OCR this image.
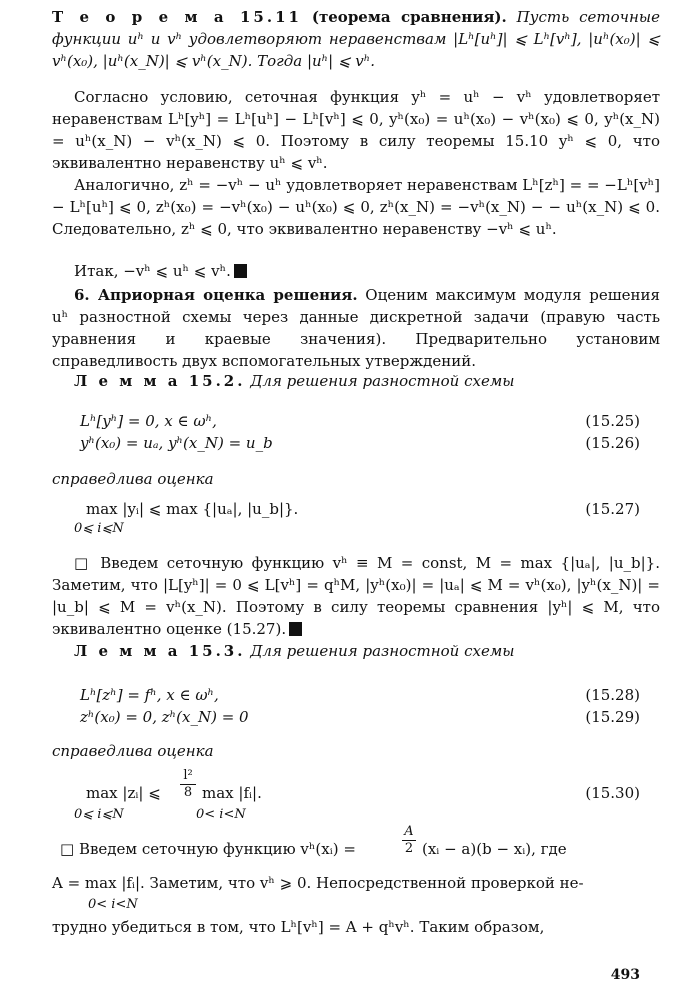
Т е о р е м а 15.11 (теорема сравнения). Пусть сеточные функции uʰ и vʰ удовлетворяют неравенствам |Lʰ[uʰ]| ⩽ Lʰ[vʰ], |uʰ(x₀)| ⩽ vʰ(x₀), |uʰ(x_N)| ⩽ vʰ(x_N). Тогда |uʰ| ⩽ vʰ.
Согласно условию, сеточная функция yʰ = uʰ − vʰ удовлетворяет неравенствам Lʰ[yʰ] = Lʰ[uʰ] − Lʰ[vʰ] ⩽ 0, yʰ(x₀) = uʰ(x₀) − vʰ(x₀) ⩽ 0, yʰ(x_N) = uʰ(x_N) − vʰ(x_N) ⩽ 0. Поэтому в силу теоремы 15.10 yʰ ⩽ 0, что эквивалентно неравенству uʰ ⩽ vʰ.
Аналогично, zʰ = −vʰ − uʰ удовлетворяет неравенствам Lʰ[zʰ] = = −Lʰ[vʰ] − Lʰ[uʰ] ⩽ 0, zʰ(x₀) = −vʰ(x₀) − uʰ(x₀) ⩽ 0, zʰ(x_N) = −vʰ(x_N) − − uʰ(x_N) ⩽ 0. Следовательно, zʰ ⩽ 0, что эквивалентно неравенству −vʰ ⩽ uʰ.
Итак, −vʰ ⩽ uʰ ⩽ vʰ.
6. Априорная оценка решения. Оценим максимум модуля решения uʰ разностной схемы через данные дискретной задачи (правую часть уравнения и краевые значения). Предварительно установим справедливость двух вспомогательных утверждений.
Л е м м а 15.2. Для решения разностной схемы
Lʰ[yʰ] = 0, x ∈ ωʰ,	(15.25)
yʰ(x₀) = uₐ, yʰ(x_N) = u_b	(15.26)
справедлива оценка
max |yᵢ| ⩽ max {|uₐ|, |u_b|}.
0⩽ i⩽N
(15.27)
□ Введем сеточную функцию vʰ ≡ M = const, M = max {|uₐ|, |u_b|}. Заметим, что |L[yʰ]| = 0 ⩽ L[vʰ] = qʰM, |yʰ(x₀)| = |uₐ| ⩽ M = vʰ(x₀), |yʰ(x_N)| = |u_b| ⩽ M = vʰ(x_N). Поэтому в силу теоремы сравнения |yʰ| ⩽ M, что эквивалентно оценке (15.27).
Л е м м а 15.3. Для решения разностной схемы
Lʰ[zʰ] = fʰ, x ∈ ωʰ,	(15.28)
zʰ(x₀) = 0, zʰ(x_N) = 0	(15.29)
справедлива оценка
max |zᵢ| ⩽ $\frac{\text{l²}}{8}$ max |fᵢ|.
0⩽ i⩽N	0< i<N
(15.30)
□ Введем сеточную функцию vʰ(xᵢ) =	$\frac{A}{2}$ (xᵢ − a)(b − xᵢ), где
A = max |fᵢ|. Заметим, что vʰ ⩾ 0. Непосредственной проверкой не-
0< i<N
трудно убедиться в том, что Lʰ[vʰ] = A + qʰvʰ. Таким образом,
493
